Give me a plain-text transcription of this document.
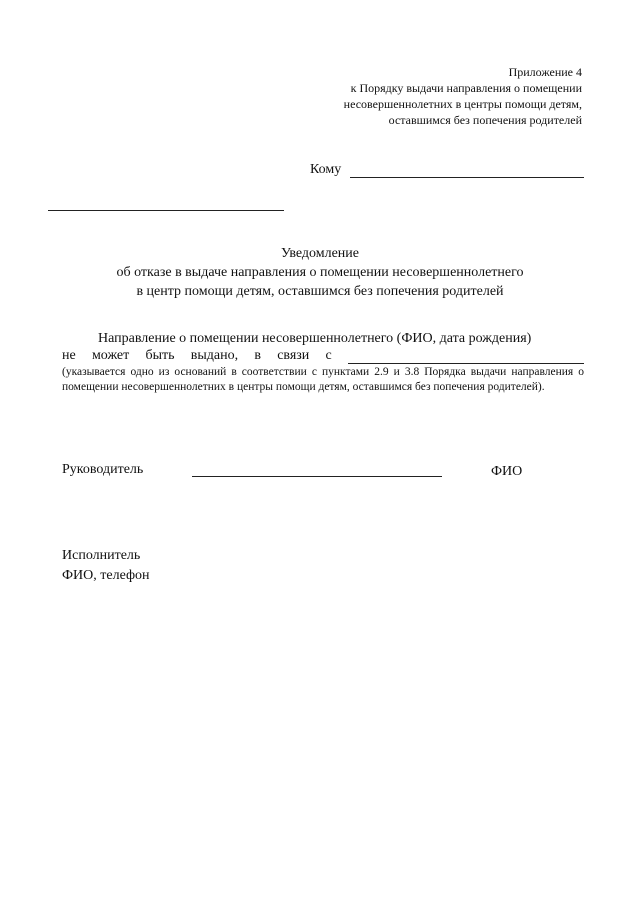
Приложение 4
к Порядку выдачи направления о помещении
несовершеннолетних в центры помощи детям,
оставшимся без попечения родителей
Кому
Уведомление
об отказе в выдаче направления о помещении несовершеннолетнего
в центр помощи детям, оставшимся без попечения родителей
Направление о помещении несовершеннолетнего (ФИО, дата рождения)
не может быть выдано, в связи с
(указывается одно из оснований в соответствии с пунктами 2.9 и 3.8 Порядка выдачи направления о помещении несовершеннолетних в центры помощи детям, оставшимся без попечения родителей).
Руководитель	ФИО
Исполнитель
ФИО, телефон
